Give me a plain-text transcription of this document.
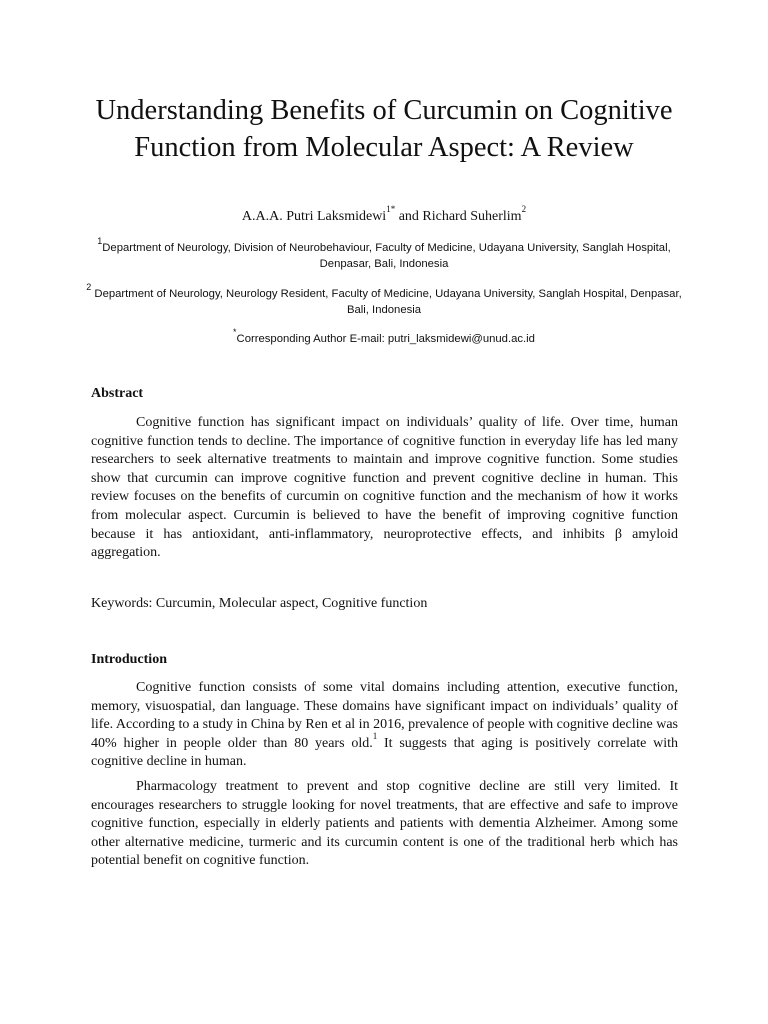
Understanding Benefits of Curcumin on Cognitive Function from Molecular Aspect: A Review
A.A.A. Putri Laksmidewi$^{1*}$ and Richard Suherlim$^2$
$^1$Department of Neurology, Division of Neurobehaviour, Faculty of Medicine, Udayana University, Sanglah Hospital, Denpasar, Bali, Indonesia
$^2$ Department of Neurology, Neurology Resident, Faculty of Medicine, Udayana University, Sanglah Hospital, Denpasar, Bali, Indonesia
*Corresponding Author E-mail: putri_laksmidewi@unud.ac.id
Abstract
Cognitive function has significant impact on individuals’ quality of life. Over time, human cognitive function tends to decline. The importance of cognitive function in everyday life has led many researchers to seek alternative treatments to maintain and improve cognitive function. Some studies show that curcumin can improve cognitive function and prevent cognitive decline in human. This review focuses on the benefits of curcumin on cognitive function and the mechanism of how it works from molecular aspect. Curcumin is believed to have the benefit of improving cognitive function because it has antioxidant, anti-inflammatory, neuroprotective effects, and inhibits β amyloid aggregation.
Keywords: Curcumin, Molecular aspect, Cognitive function
Introduction
Cognitive function consists of some vital domains including attention, executive function, memory, visuospatial, dan language. These domains have significant impact on individuals’ quality of life. According to a study in China by Ren et al in 2016, prevalence of people with cognitive decline was 40% higher in people older than 80 years old.$^1$ It suggests that aging is positively correlate with cognitive decline in human.
Pharmacology treatment to prevent and stop cognitive decline are still very limited. It encourages researchers to struggle looking for novel treatments, that are effective and safe to improve cognitive function, especially in elderly patients and patients with dementia Alzheimer. Among some other alternative medicine, turmeric and its curcumin content is one of the traditional herb which has potential benefit on cognitive function.
